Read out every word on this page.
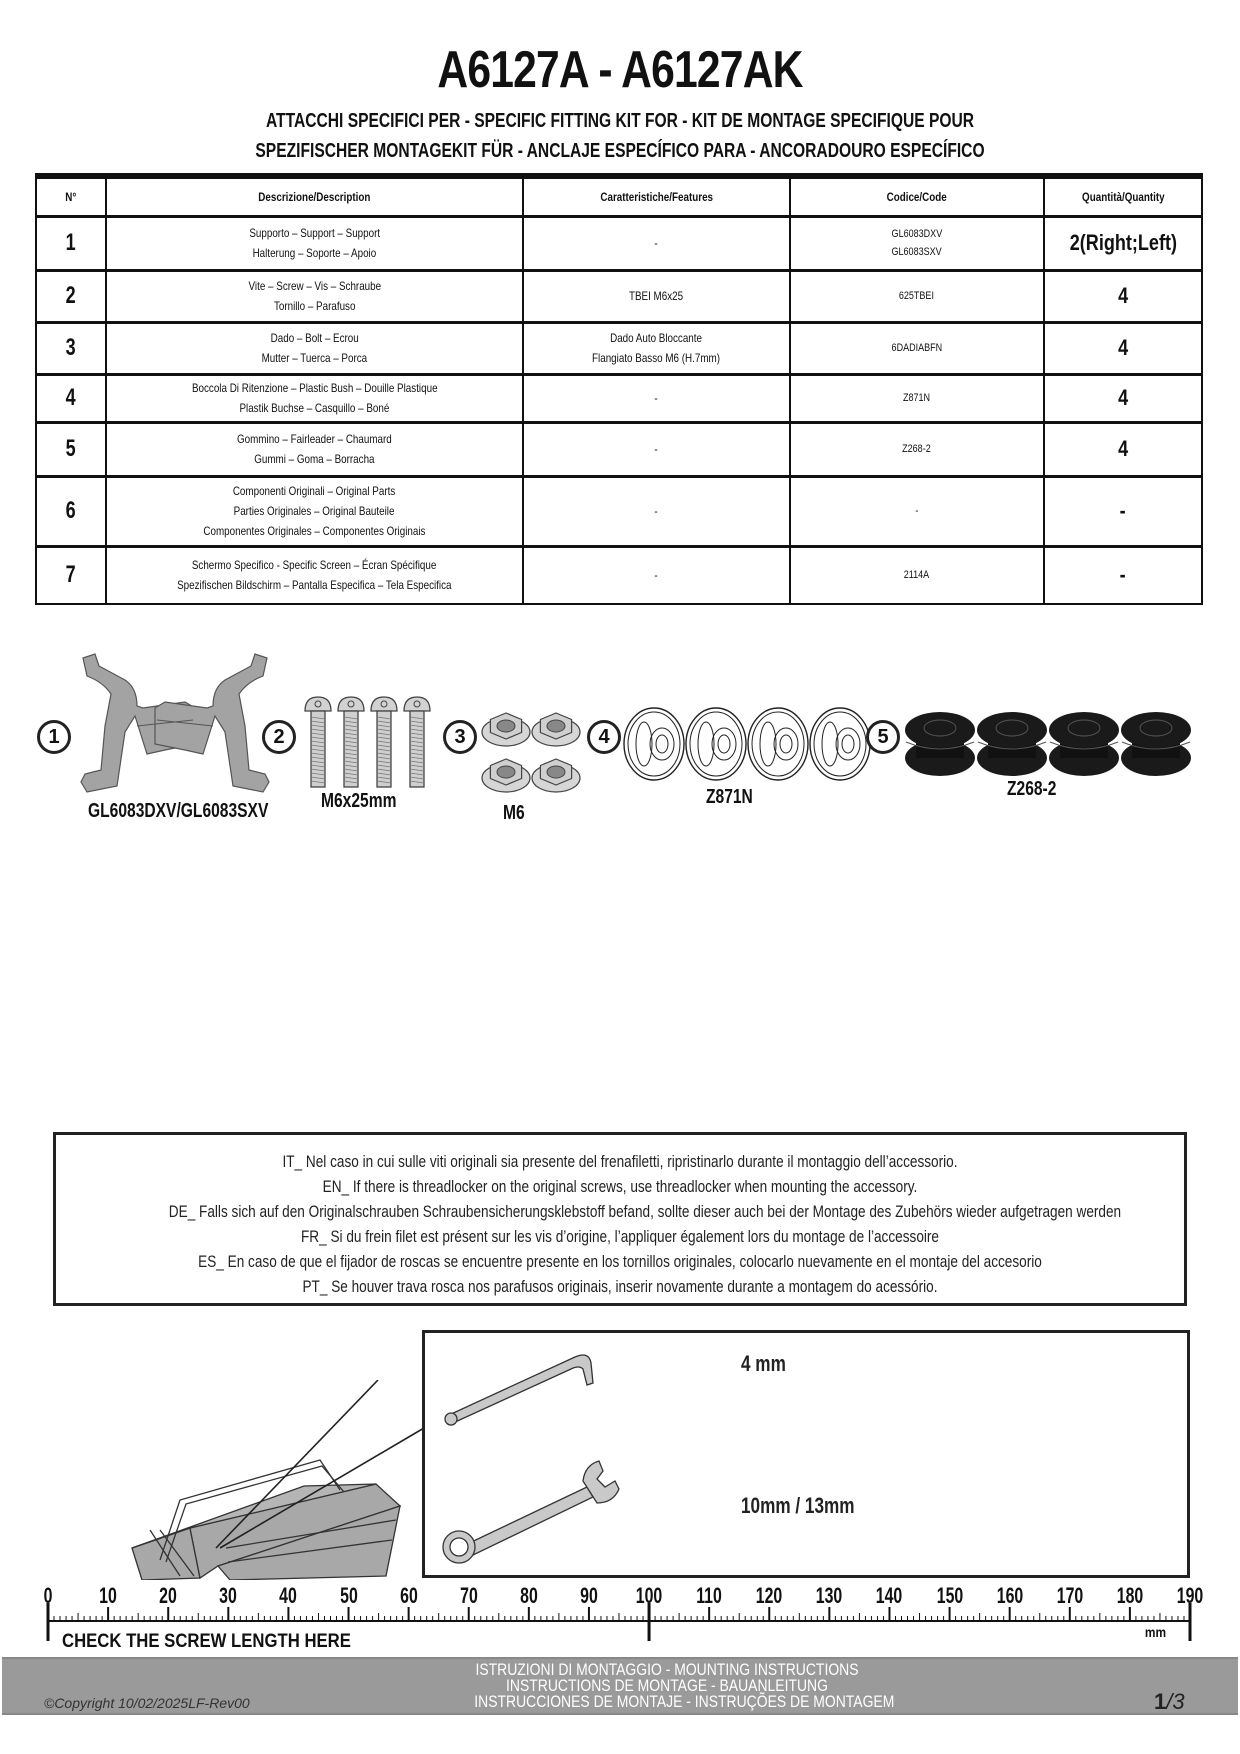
A6127A - A6127AK
ATTACCHI SPECIFICI PER - SPECIFIC FITTING KIT FOR - KIT DE MONTAGE SPECIFIQUE POUR
SPEZIFISCHER MONTAGEKIT FÜR - ANCLAJE ESPECÍFICO PARA - ANCORADOURO ESPECÍFICO
N°	Descrizione/Description	Caratteristiche/Features	Codice/Code	Quantità/Quantity
1	Supporto – Support – Support
Halterung – Soporte – Apoio	-	GL6083DXV
GL6083SXV	2(Right;Left)
2	Vite – Screw – Vis – Schraube
Tornillo – Parafuso	TBEI M6x25	625TBEI	4
3	Dado – Bolt – Ecrou
Mutter – Tuerca – Porca	Dado Auto Bloccante
Flangiato Basso M6 (H.7mm)	6DADIABFN	4
4	Boccola Di Ritenzione – Plastic Bush – Douille Plastique
Plastik Buchse – Casquillo – Boné	-	Z871N	4
5	Gommino – Fairleader – Chaumard
Gummi – Goma – Borracha	-	Z268-2	4
6	Componenti Originali – Original Parts
Parties Originales – Original Bauteile
Componentes Originales – Componentes Originais	-	-	-
7	Schermo Specifico - Specific Screen – Écran Spécifique
Spezifischen Bildschirm – Pantalla Especifica – Tela Especifica	-	2114A	-
1
GL6083DXV/GL6083SXV
2
M6x25mm
3
M6
4
Z871N
5
Z268-2
IT_ Nel caso in cui sulle viti originali sia presente del frenafiletti, ripristinarlo durante il montaggio dell’accessorio.
EN_ If there is threadlocker on the original screws, use threadlocker when mounting the accessory.
DE_ Falls sich auf den Originalschrauben Schraubensicherungsklebstoff befand, sollte dieser auch bei der Montage des Zubehörs wieder aufgetragen werden
FR_ Si du frein filet est présent sur les vis d’origine, l’appliquer également lors du montage de l’accessoire
ES_ En caso de que el fijador de roscas se encuentre presente en los tornillos originales, colocarlo nuevamente en el montaje del accesorio
PT_ Se houver trava rosca nos parafusos originais, inserir novamente durante a montagem do acessório.
4 mm
10mm / 13mm
0 10 20 30 40 50 60 70 80 90 100 110 120 130 140 150 160 170 180 190
CHECK THE SCREW LENGTH HERE	mm
©Copyright 10/02/2025LF-Rev00
ISTRUZIONI DI MONTAGGIO - MOUNTING INSTRUCTIONS
INSTRUCTIONS DE MONTAGE - BAUANLEITUNG
INSTRUCCIONES DE MONTAJE - INSTRUÇÕES DE MONTAGEM	1/3
